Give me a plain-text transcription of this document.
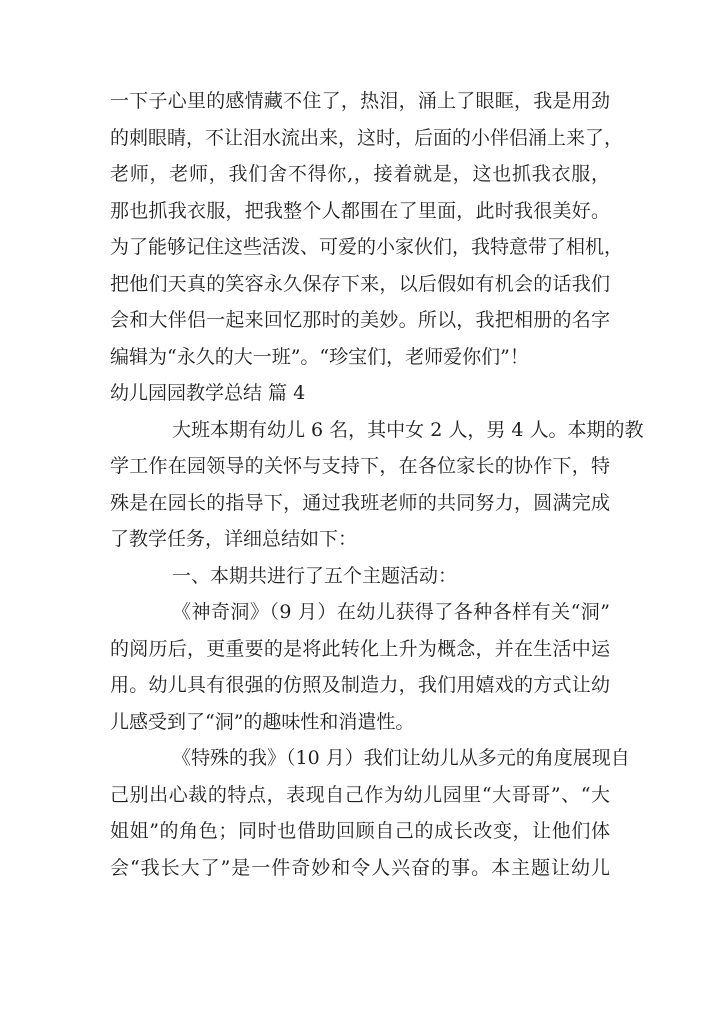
一下子心里的感情藏不住了，热泪，涌上了眼眶，我是用劲
的刺眼睛，不让泪水流出来，这时，后面的小伴侣涌上来了，
老师，老师，我们舍不得你,，接着就是，这也抓我衣服，
那也抓我衣服，把我整个人都围在了里面，此时我很美好。
为了能够记住这些活泼、可爱的小家伙们，我特意带了相机，
把他们天真的笑容永久保存下来，以后假如有机会的话我们
会和大伴侣一起来回忆那时的美妙。所以，我把相册的名字
编辑为“永久的大一班”。“珍宝们，老师爱你们”！
幼儿园园教学总结 篇 4
大班本期有幼儿 6 名，其中女 2 人，男 4 人。本期的教
学工作在园领导的关怀与支持下，在各位家长的协作下，特
殊是在园长的指导下，通过我班老师的共同努力，圆满完成
了教学任务，详细总结如下：
一、本期共进行了五个主题活动：
《神奇洞》（9 月）在幼儿获得了各种各样有关“洞”
的阅历后，更重要的是将此转化上升为概念，并在生活中运
用。幼儿具有很强的仿照及制造力，我们用嬉戏的方式让幼
儿感受到了“洞”的趣味性和消遣性。
《特殊的我》（10 月）我们让幼儿从多元的角度展现自
己别出心裁的特点，表现自己作为幼儿园里“大哥哥”、“大
姐姐”的角色；同时也借助回顾自己的成长改变，让他们体
会“我长大了”是一件奇妙和令人兴奋的事。本主题让幼儿
